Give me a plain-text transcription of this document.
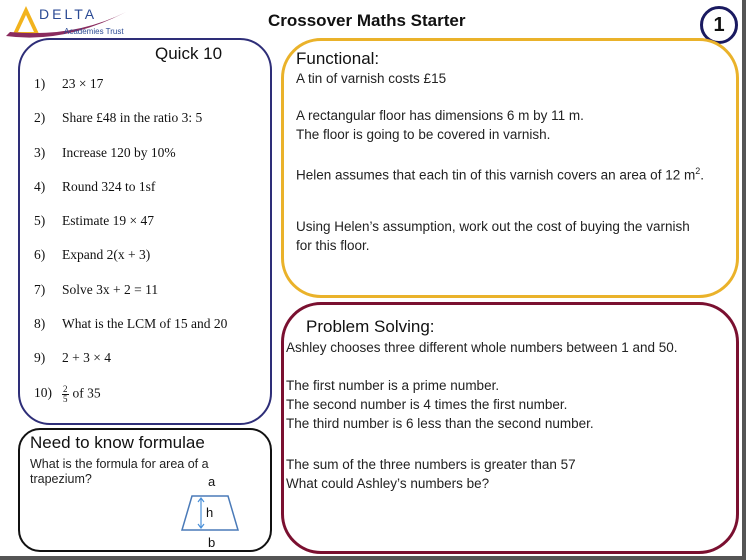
DELTA
Academies Trust
Crossover Maths Starter	1
Quick 10
1) 23 × 17
2) Share £48 in the ratio 3: 5
3) Increase 120 by 10%
4) Round 324 to 1sf
5) Estimate 19 × 47
6) Expand 2(x + 3)
7) Solve 3x + 2 = 11
8) What is the LCM of 15 and 20
9) 2 + 3 × 4
$10) \frac{2}{5}$ of 35
Need to know formulae
What is the formula for area of a trapezium?	a
h
b
Functional:

A tin of varnish costs £15

A rectangular floor has dimensions 6 m by 11 m.

The floor is going to be covered in varnish.

Helen assumes that each tin of this varnish covers an area of 12 $m^2$.

Using Helen’s assumption, work out the cost of buying the varnish

for this floor.

Problem Solving:

Ashley chooses three different whole numbers between 1 and 50.

The first number is a prime number.

The second number is 4 times the first number.

The third number is 6 less than the second number.

The sum of the three numbers is greater than 57

What could Ashley’s numbers be?
